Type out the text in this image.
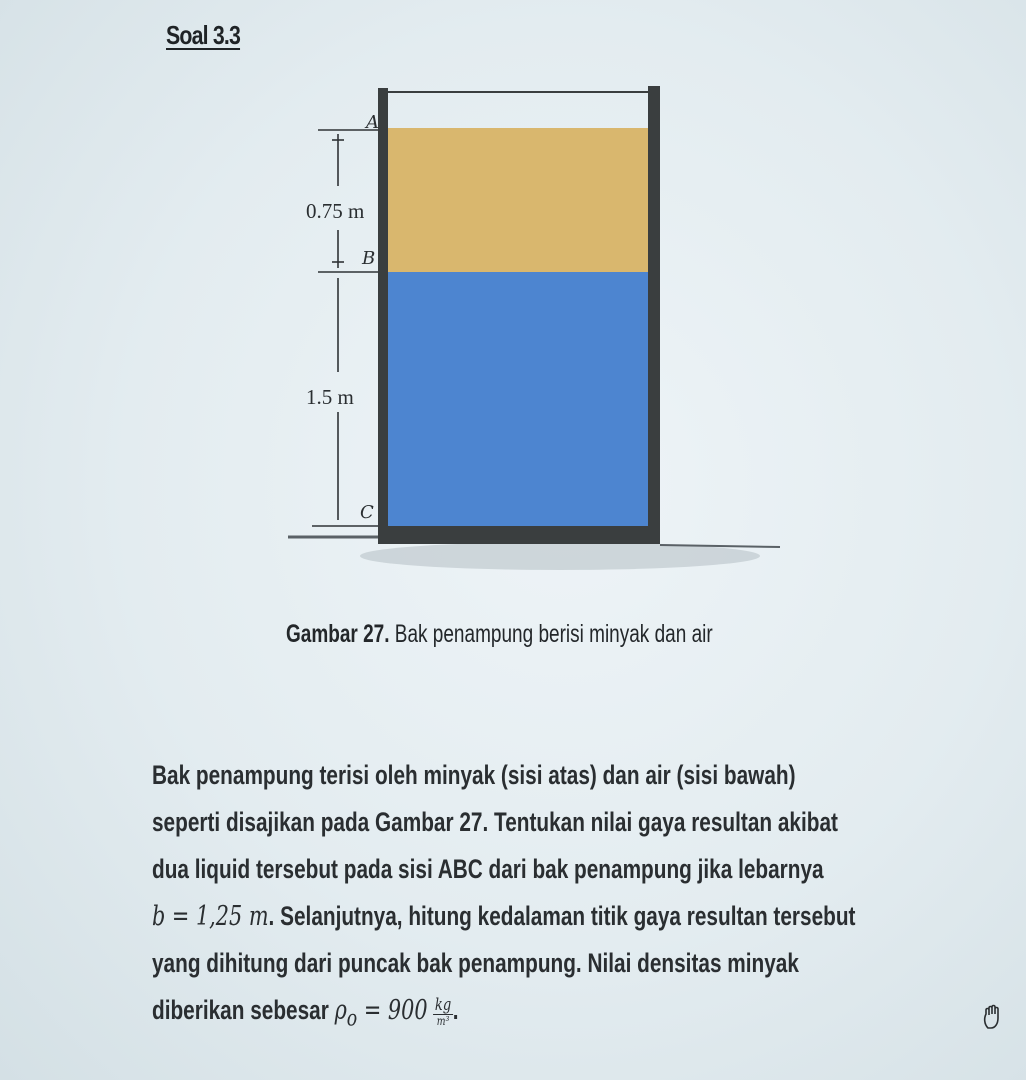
Soal 3.3
A
B
C
0.75 m
1.5 m
Gambar 27. Bak penampung berisi minyak dan air
Bak penampung terisi oleh minyak (sisi atas) dan air (sisi bawah)
seperti disajikan pada Gambar 27. Tentukan nilai gaya resultan akibat
dua liquid tersebut pada sisi ABC dari bak penampung jika lebarnya
b = 1,25 m. Selanjutnya, hitung kedalaman titik gaya resultan tersebut
yang dihitung dari puncak bak penampung. Nilai densitas minyak
diberikan sebesar $\rho_o = 900 \frac{kg}{\text{m³}}$ .
